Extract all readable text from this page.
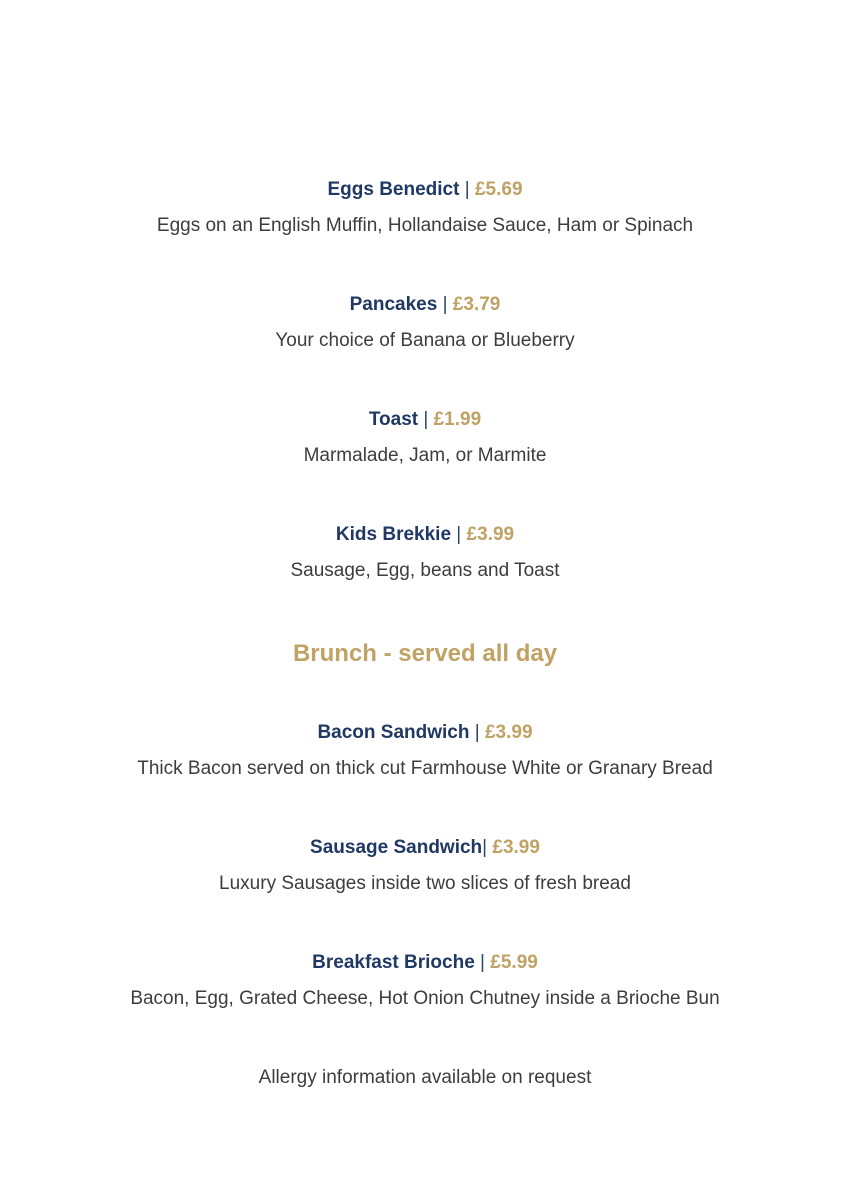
Eggs Benedict | £5.69

Eggs on an English Muffin, Hollandaise Sauce, Ham or Spinach

Pancakes | £3.79

Your choice of Banana or Blueberry

Toast | £1.99

Marmalade, Jam, or Marmite

Kids Brekkie | £3.99

Sausage, Egg, beans and Toast

Brunch - served all day

Bacon Sandwich | £3.99

Thick Bacon served on thick cut Farmhouse White or Granary Bread

Sausage Sandwich| £3.99

Luxury Sausages inside two slices of fresh bread

Breakfast Brioche | £5.99

Bacon, Egg, Grated Cheese, Hot Onion Chutney inside a Brioche Bun

Allergy information available on request
